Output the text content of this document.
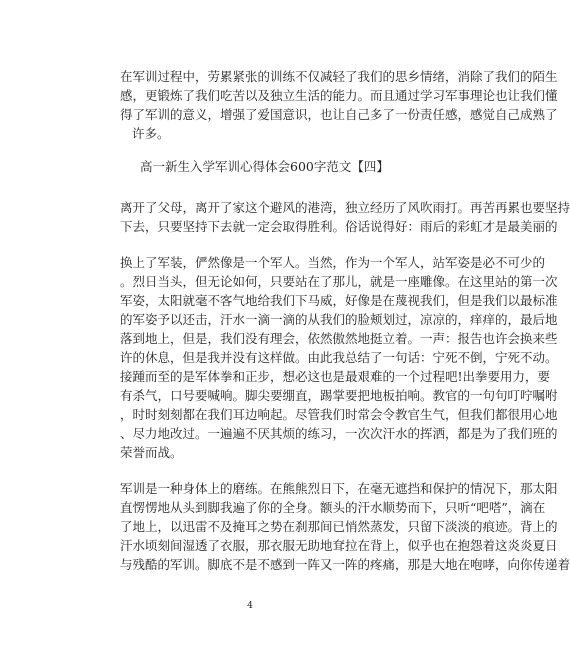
在军训过程中，劳累紧张的训练不仅减轻了我们的思乡情绪，消除了我们的陌生
感，更锻炼了我们吃苦以及独立生活的能力。而且通过学习军事理论也让我们懂
得了军训的意义，增强了爱国意识，也让自己多了一份责任感，感觉自己成熟了
许多。
高一新生入学军训心得体会600字范文【四】
离开了父母，离开了家这个避风的港湾，独立经历了风吹雨打。再苦再累也要坚持
下去，只要坚持下去就一定会取得胜利。俗话说得好：雨后的彩虹才是最美丽的
换上了军装，俨然像是一个军人。当然，作为一个军人，站军姿是必不可少的
。烈日当头，但无论如何，只要站在了那儿，就是一座雕像。在这里站的第一次
军姿，太阳就毫不客气地给我们下马威，好像是在蔑视我们，但是我们以最标准
的军姿予以还击，汗水一滴一滴的从我们的脸颊划过，凉凉的，痒痒的，最后地
落到地上，但是，我们没有理会，依然傲然地挺立着。一声：报告也许会换来些
许的休息，但是我并没有这样做。由此我总结了一句话：宁死不倒，宁死不动。
接踵而至的是军体拳和正步，想必这也是最艰难的一个过程吧!出拳要用力，要
有杀气，口号要喊响。脚尖要绷直，踢掌要把地板拍响。教官的一句句叮咛嘱咐
，时时刻刻都在我们耳边响起。尽管我们时常会令教官生气，但我们都很用心地
、尽力地改过。一遍遍不厌其烦的练习，一次次汗水的挥洒，都是为了我们班的
荣誉而战。
军训是一种身体上的磨练。在熊熊烈日下，在毫无遮挡和保护的情况下，那太阳
直愣愣地从头到脚我遍了你的全身。额头的汗水顺势而下，只听“吧嗒”，滴在
了地上，以迅雷不及掩耳之势在刹那间已悄然蒸发，只留下淡淡的痕迹。背上的
汗水顷刻间湿透了衣服，那衣服无助地耷拉在背上，似乎也在抱怨着这炎炎夏日
与残酷的军训。脚底不是不感到一阵又一阵的疼痛，那是大地在咆哮，向你传递着
4
